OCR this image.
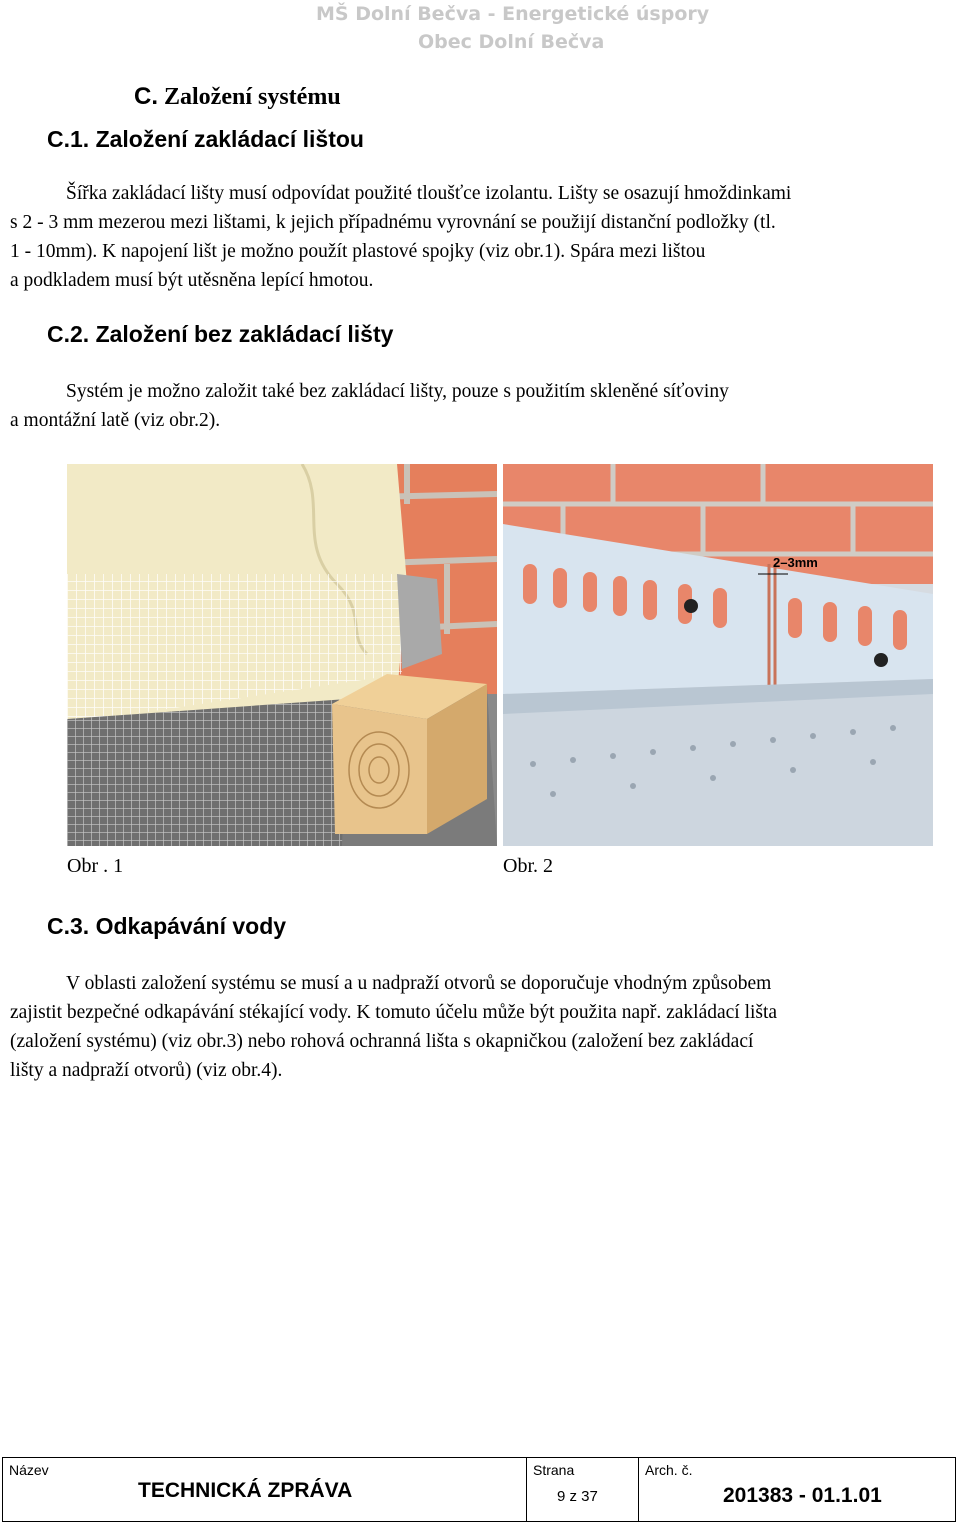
MŠ Dolní Bečva - Energetické úspory
Obec Dolní Bečva
C. Založení systému
C.1. Založení zakládací lištou
Šířka zakládací lišty musí odpovídat použité tloušťce izolantu. Lišty se osazují hmoždinkami
s 2 - 3 mm mezerou mezi lištami, k jejich případnému vyrovnání se použijí distanční podložky (tl.
1 - 10mm). K napojení lišt je možno použít plastové spojky (viz obr.1). Spára mezi lištou
a podkladem musí být utěsněna lepící hmotou.
C.2. Založení bez zakládací lišty
Systém je možno založit také bez zakládací lišty, pouze s použitím skleněné síťoviny
a montážní latě (viz obr.2).
2–3mm
Obr . 1	Obr. 2
C.3. Odkapávání vody
V oblasti založení systému se musí a u nadpraží otvorů se doporučuje vhodným způsobem
zajistit bezpečné odkapávání stékající vody. K tomuto účelu může být použita např. zakládací lišta
(založení systému) (viz obr.3) nebo rohová ochranná lišta s okapničkou (založení bez zakládací
lišty a nadpraží otvorů) (viz obr.4).
Název
TECHNICKÁ ZPRÁVA
Strana
9 z 37
Arch. č.
201383 - 01.1.01
